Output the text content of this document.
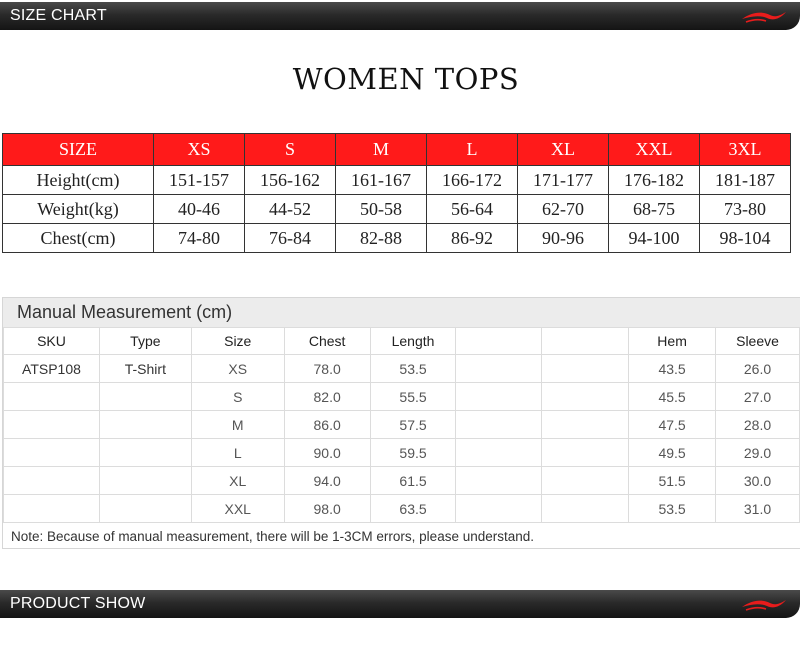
SIZE CHART
WOMEN TOPS
SIZE	XS	S	M	L	XL	XXL	3XL
Height(cm)	151-157	156-162	161-167	166-172	171-177	176-182	181-187
Weight(kg)	40-46	44-52	50-58	56-64	62-70	68-75	73-80
Chest(cm)	74-80	76-84	82-88	86-92	90-96	94-100	98-104
Manual Measurement (cm)
SKU	Type	Size	Chest	Length			Hem	Sleeve
ATSP108	T-Shirt	XS	78.0	53.5			43.5	26.0
		S	82.0	55.5			45.5	27.0
		M	86.0	57.5			47.5	28.0
		L	90.0	59.5			49.5	29.0
		XL	94.0	61.5			51.5	30.0
		XXL	98.0	63.5			53.5	31.0
Note: Because of manual measurement, there will be 1-3CM errors, please understand.
PRODUCT SHOW
